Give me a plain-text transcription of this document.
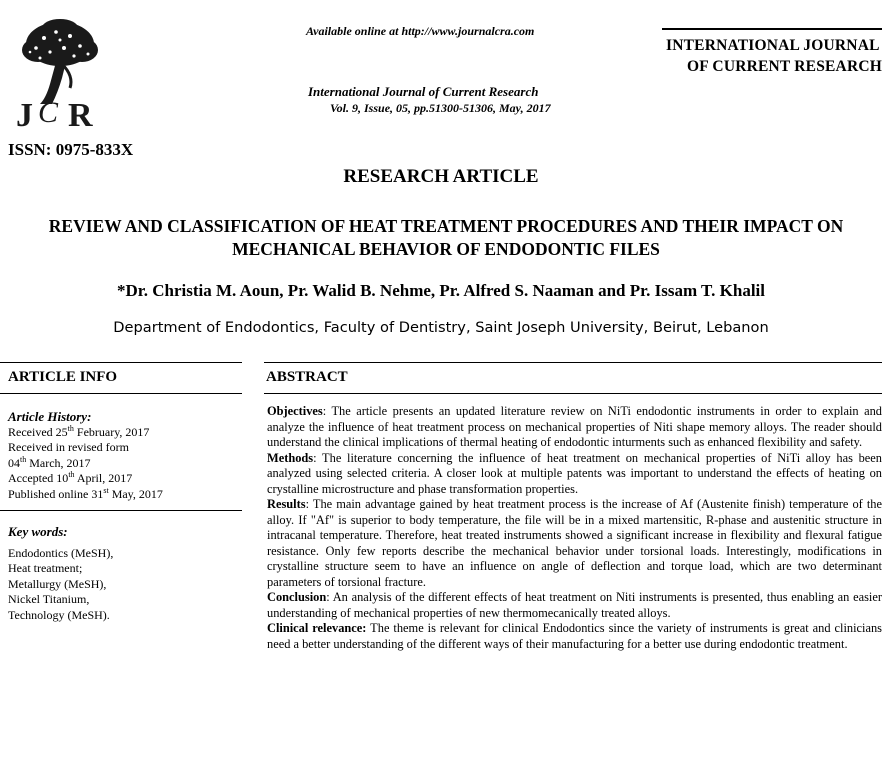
J C R
ISSN: 0975-833X
Available online at http://www.journalcra.com
International Journal of Current Research
Vol. 9, Issue, 05, pp.51300-51306, May, 2017
INTERNATIONAL JOURNAL
OF CURRENT RESEARCH
RESEARCH ARTICLE
REVIEW AND CLASSIFICATION OF HEAT TREATMENT PROCEDURES AND THEIR IMPACT ON
MECHANICAL BEHAVIOR OF ENDODONTIC FILES
*Dr. Christia M. Aoun, Pr. Walid B. Nehme, Pr. Alfred S. Naaman and Pr. Issam T. Khalil
Department of Endodontics, Faculty of Dentistry, Saint Joseph University, Beirut, Lebanon
ARTICLE INFO	ABSTRACT
Article History:
Received 25th February, 2017
Received in revised form
04th March, 2017
Accepted 10th April, 2017
Published online 31st May, 2017
Key words:
Endodontics (MeSH),
Heat treatment;
Metallurgy (MeSH),
Nickel Titanium,
Technology (MeSH).

Objectives: The article presents an updated literature review on NiTi endodontic instruments in order to explain and analyze the influence of heat treatment process on mechanical properties of Niti shape memory alloys. The reader should understand the clinical implications of thermal heating of endodontic inturments such as enhanced flexibility and safety.

Methods: The literature concerning the influence of heat treatment on mechanical properties of NiTi alloy has been analyzed using selected criteria. A closer look at multiple patents was important to understand the effects of heating on crystalline microstructure and phase transformation properties.

Results: The main advantage gained by heat treatment process is the increase of Af (Austenite finish) temperature of the alloy. If "Af" is superior to body temperature, the file will be in a mixed martensitic, R-phase and austenitic structure in intracanal temperature. Therefore, heat treated instruments showed a significant increase in flexibility and flexural fatigue resistance. Only few reports describe the mechanical behavior under torsional loads. Interestingly, modifications in crystalline structure seem to have an influence on angle of deflection and torque load, which are two determinant parameters of torsional fracture.

Conclusion: An analysis of the different effects of heat treatment on Niti instruments is presented, thus enabling an easier understanding of mechanical properties of new thermomecanically treated alloys.

Clinical relevance: The theme is relevant for clinical Endodontics since the variety of instruments is great and clinicians need a better understanding of the different ways of their manufacturing for a better use during endodontic treatment.
